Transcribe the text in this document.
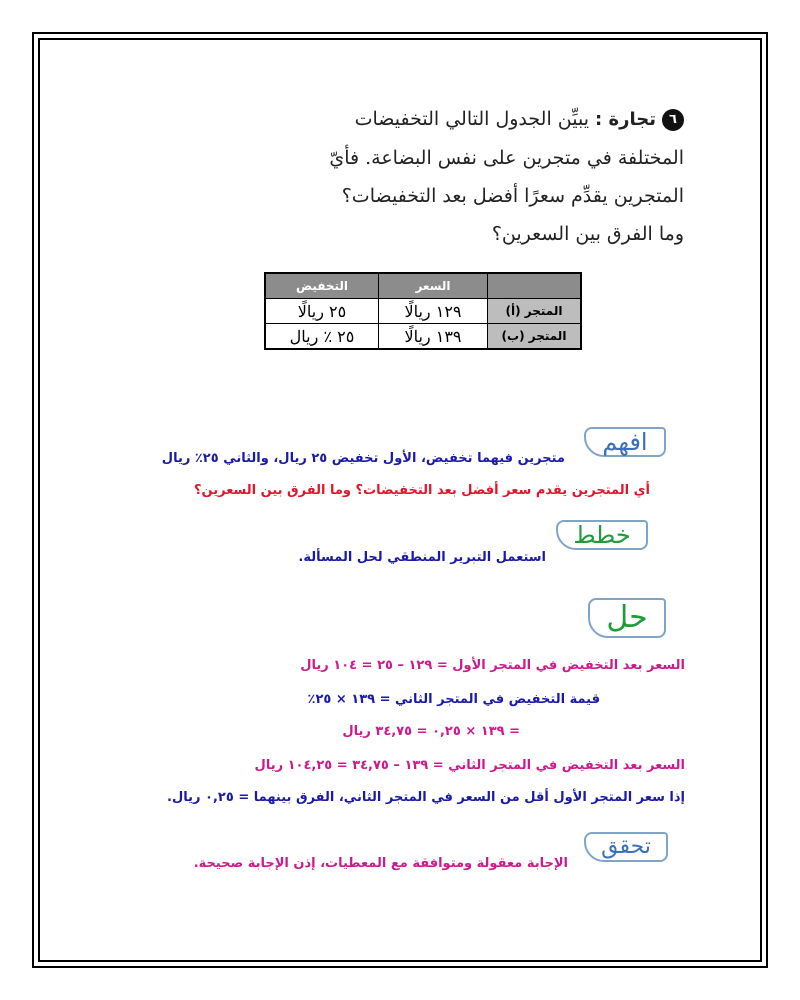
٦تجارة : يبيِّن الجدول التالي التخفيضات
المختلفة في متجرين على نفس البضاعة. فأيّ
المتجرين يقدِّم سعرًا أفضل بعد التخفيضات؟
وما الفرق بين السعرين؟
	السعر	التخفيض
المتجر (أ)	١٢٩ ريالًا	٢٥ ريالًا
المتجر (ب)	١٣٩ ريالًا	٢٥ ٪ ريال
افهم
متجرين فيهما تخفيض، الأول تخفيض ٢٥ ريال، والثاني ٢٥٪ ريال
أي المتجرين يقدم سعر أفضل بعد التخفيضات؟ وما الفرق بين السعرين؟
خطط
استعمل التبرير المنطقي لحل المسألة.
حل
السعر بعد التخفيض في المتجر الأول = ١٢٩ – ٢٥ = ١٠٤ ريال
قيمة التخفيض في المتجر الثاني = ١٣٩ × ٢٥٪
= ١٣٩ × ٠,٢٥ = ٣٤,٧٥ ريال
السعر بعد التخفيض في المتجر الثاني = ١٣٩ – ٣٤,٧٥ = ١٠٤,٢٥ ريال
إذا سعر المتجر الأول أقل من السعر في المتجر الثاني، الفرق بينهما = ٠,٢٥ ريال.
تحقق
الإجابة معقولة ومتوافقة مع المعطيات، إذن الإجابة صحيحة.
